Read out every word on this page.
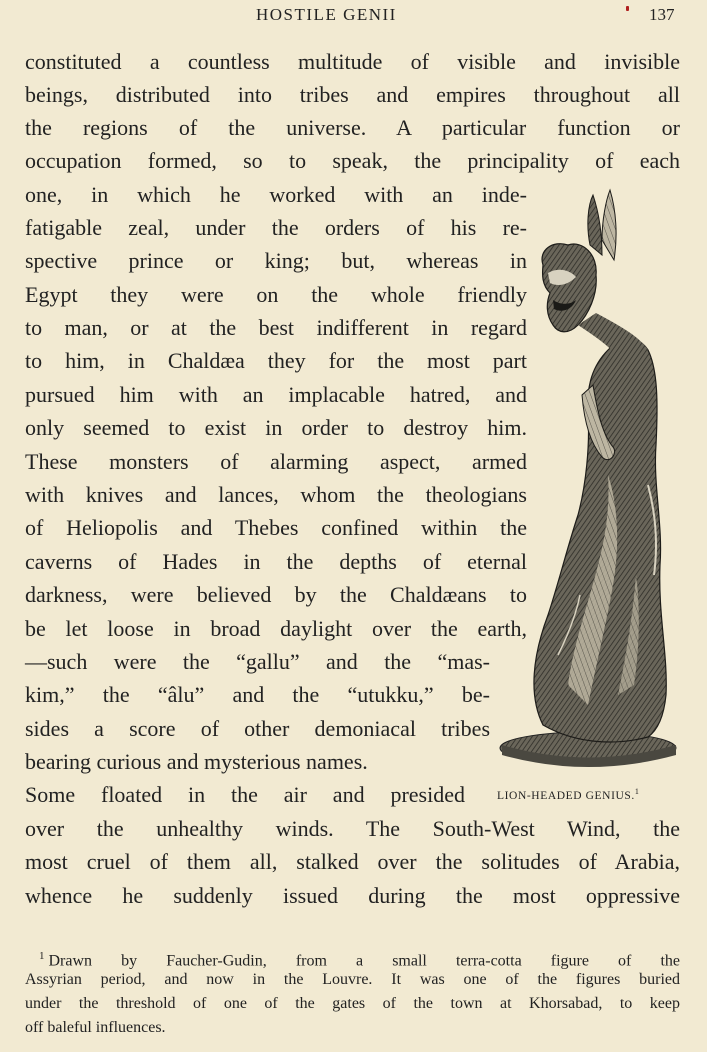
HOSTILE GENII	137
constituted a countless multitude of visible and invisible
beings, distributed into tribes and empires throughout all
the regions of the universe. A particular function or
occupation formed, so to speak, the principality of each
one, in which he worked with an inde-
fatigable zeal, under the orders of his re-
spective prince or king; but, whereas in
Egypt they were on the whole friendly
to man, or at the best indifferent in regard
to him, in Chaldæa they for the most part
pursued him with an implacable hatred, and
only seemed to exist in order to destroy him.
These monsters of alarming aspect, armed
with knives and lances, whom the theologians
of Heliopolis and Thebes confined within the
caverns of Hades in the depths of eternal
darkness, were believed by the Chaldæans to
be let loose in broad daylight over the earth,
—such were the “gallu” and the “mas-
kim,” the “âlu” and the “utukku,” be-
sides a score of other demoniacal tribes
bearing curious and mysterious names.
Some floated in the air and presided
over the unhealthy winds. The South-West Wind, the
most cruel of them all, stalked over the solitudes of Arabia,
whence he suddenly issued during the most oppressive
LION-HEADED GENIUS.$^1$
$^1$ Drawn by Faucher-Gudin, from a small terra-cotta figure of the
Assyrian period, and now in the Louvre. It was one of the figures buried
under the threshold of one of the gates of the town at Khorsabad, to keep
off baleful influences.
